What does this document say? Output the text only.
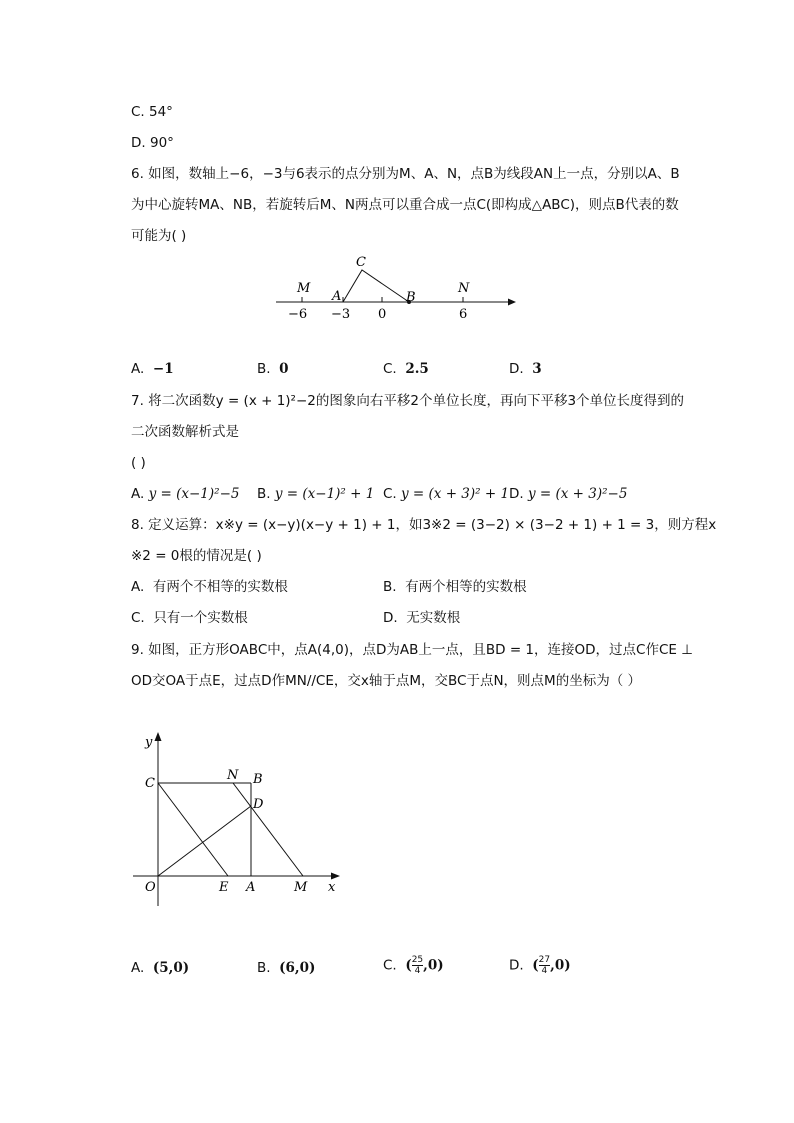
C. 54°
D. 90°
6. 如图，数轴上−6，−3与6表示的点分别为M、A、N，点B为线段AN上一点，分别以A、B
为中心旋转MA、NB，若旋转后M、N两点可以重合成一点C(即构成△ABC)，则点B代表的数
可能为( )
M
A
C
B
N
−6 −3 0	6
A. −1	B. 0	C. 2.5	D. 3
7. 将二次函数y = (x + 1)²−2的图象向右平移2个单位长度，再向下平移3个单位长度得到的
二次函数解析式是
( )
A. y = (x−1)²−5 B. y = (x−1)² + 1 C. y = (x + 3)² + 1 D. y = (x + 3)²−5
8. 定义运算：x※y = (x−y)(x−y + 1) + 1，如3※2 = (3−2) × (3−2 + 1) + 1 = 3，则方程x
※2 = 0根的情况是( )
A. 有两个不相等的实数根	B. 有两个相等的实数根
C. 只有一个实数根	D. 无实数根
9. 如图，正方形OABC中，点A(4,0)，点D为AB上一点，且BD = 1，连接OD，过点C作CE ⊥
OD交OA于点E，过点D作MN//CE，交x轴于点M，交BC于点N，则点M的坐标为（ ）
y
C
N B
D
O	E A	M x
A. (5,0)	B. (6,0)	C. ( $\frac{25}{4} ,0$)	D. ( $\frac{27}{4} ,0$)
